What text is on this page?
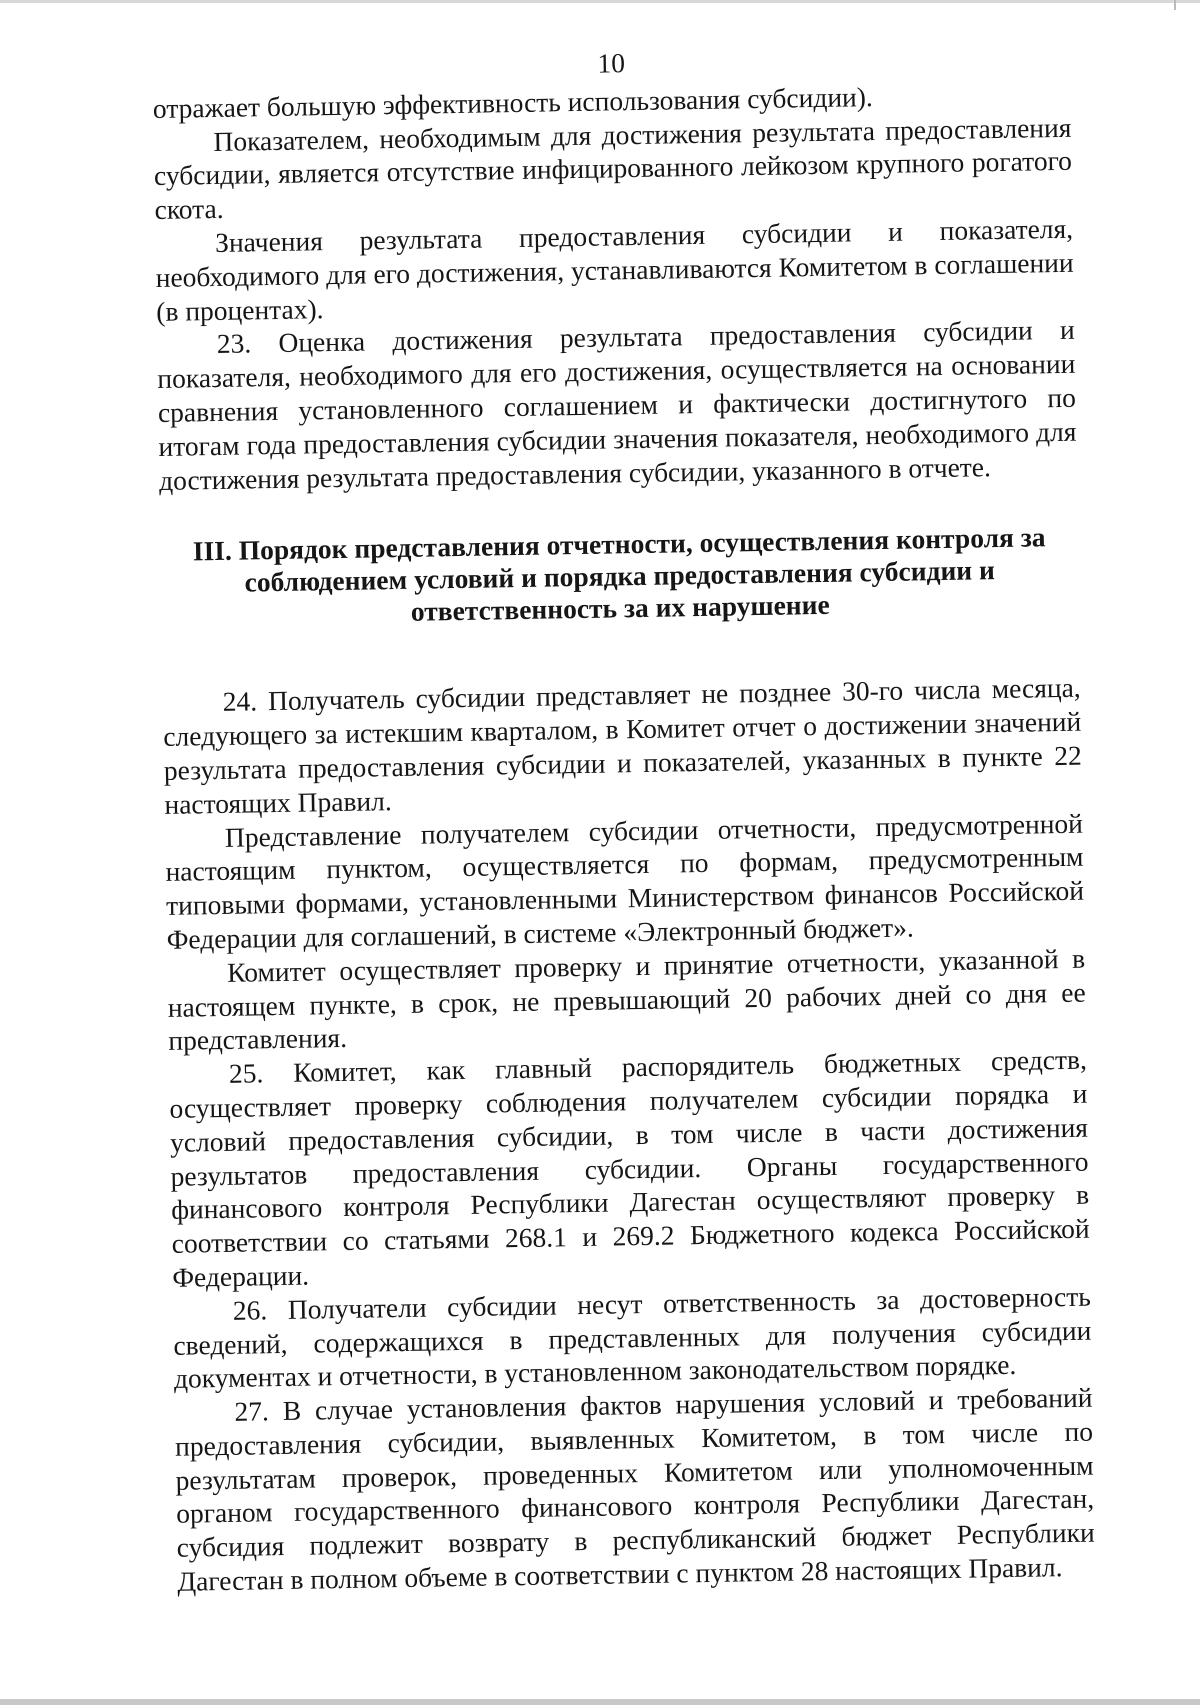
10

отражает большую эффективность использования субсидии).

Показателем, необходимым для достижения результата предоставления субсидии, является отсутствие инфицированного лейкозом крупного рогатого скота.

Значения результата предоставления субсидии и показателя, необходимого для его достижения, устанавливаются Комитетом в соглашении (в процентах).

23. Оценка достижения результата предоставления субсидии и показателя, необходимого для его достижения, осуществляется на основании сравнения установленного соглашением и фактически достигнутого по итогам года предоставления субсидии значения показателя, необходимого для достижения результата предоставления субсидии, указанного в отчете.

III. Порядок представления отчетности, осуществления контроля за
соблюдением условий и порядка предоставления субсидии и
ответственность за их нарушение

24. Получатель субсидии представляет не позднее 30-го числа месяца, следующего за истекшим кварталом, в Комитет отчет о достижении значений результата предоставления субсидии и показателей, указанных в пункте 22 настоящих Правил.

Представление получателем субсидии отчетности, предусмотренной настоящим пунктом, осуществляется по формам, предусмотренным типовыми формами, установленными Министерством финансов Российской Федерации для соглашений, в системе «Электронный бюджет».

Комитет осуществляет проверку и принятие отчетности, указанной в настоящем пункте, в срок, не превышающий 20 рабочих дней со дня ее представления.

25. Комитет, как главный распорядитель бюджетных средств, осуществляет проверку соблюдения получателем субсидии порядка и условий предоставления субсидии, в том числе в части достижения результатов предоставления субсидии. Органы государственного финансового контроля Республики Дагестан осуществляют проверку в соответствии со статьями 268.1 и 269.2 Бюджетного кодекса Российской Федерации.

26. Получатели субсидии несут ответственность за достоверность сведений, содержащихся в представленных для получения субсидии документах и отчетности, в установленном законодательством порядке.

27. В случае установления фактов нарушения условий и требований предоставления субсидии, выявленных Комитетом, в том числе по результатам проверок, проведенных Комитетом или уполномоченным органом государственного финансового контроля Республики Дагестан, субсидия подлежит возврату в республиканский бюджет Республики Дагестан в полном объеме в соответствии с пунктом 28 настоящих Правил.
